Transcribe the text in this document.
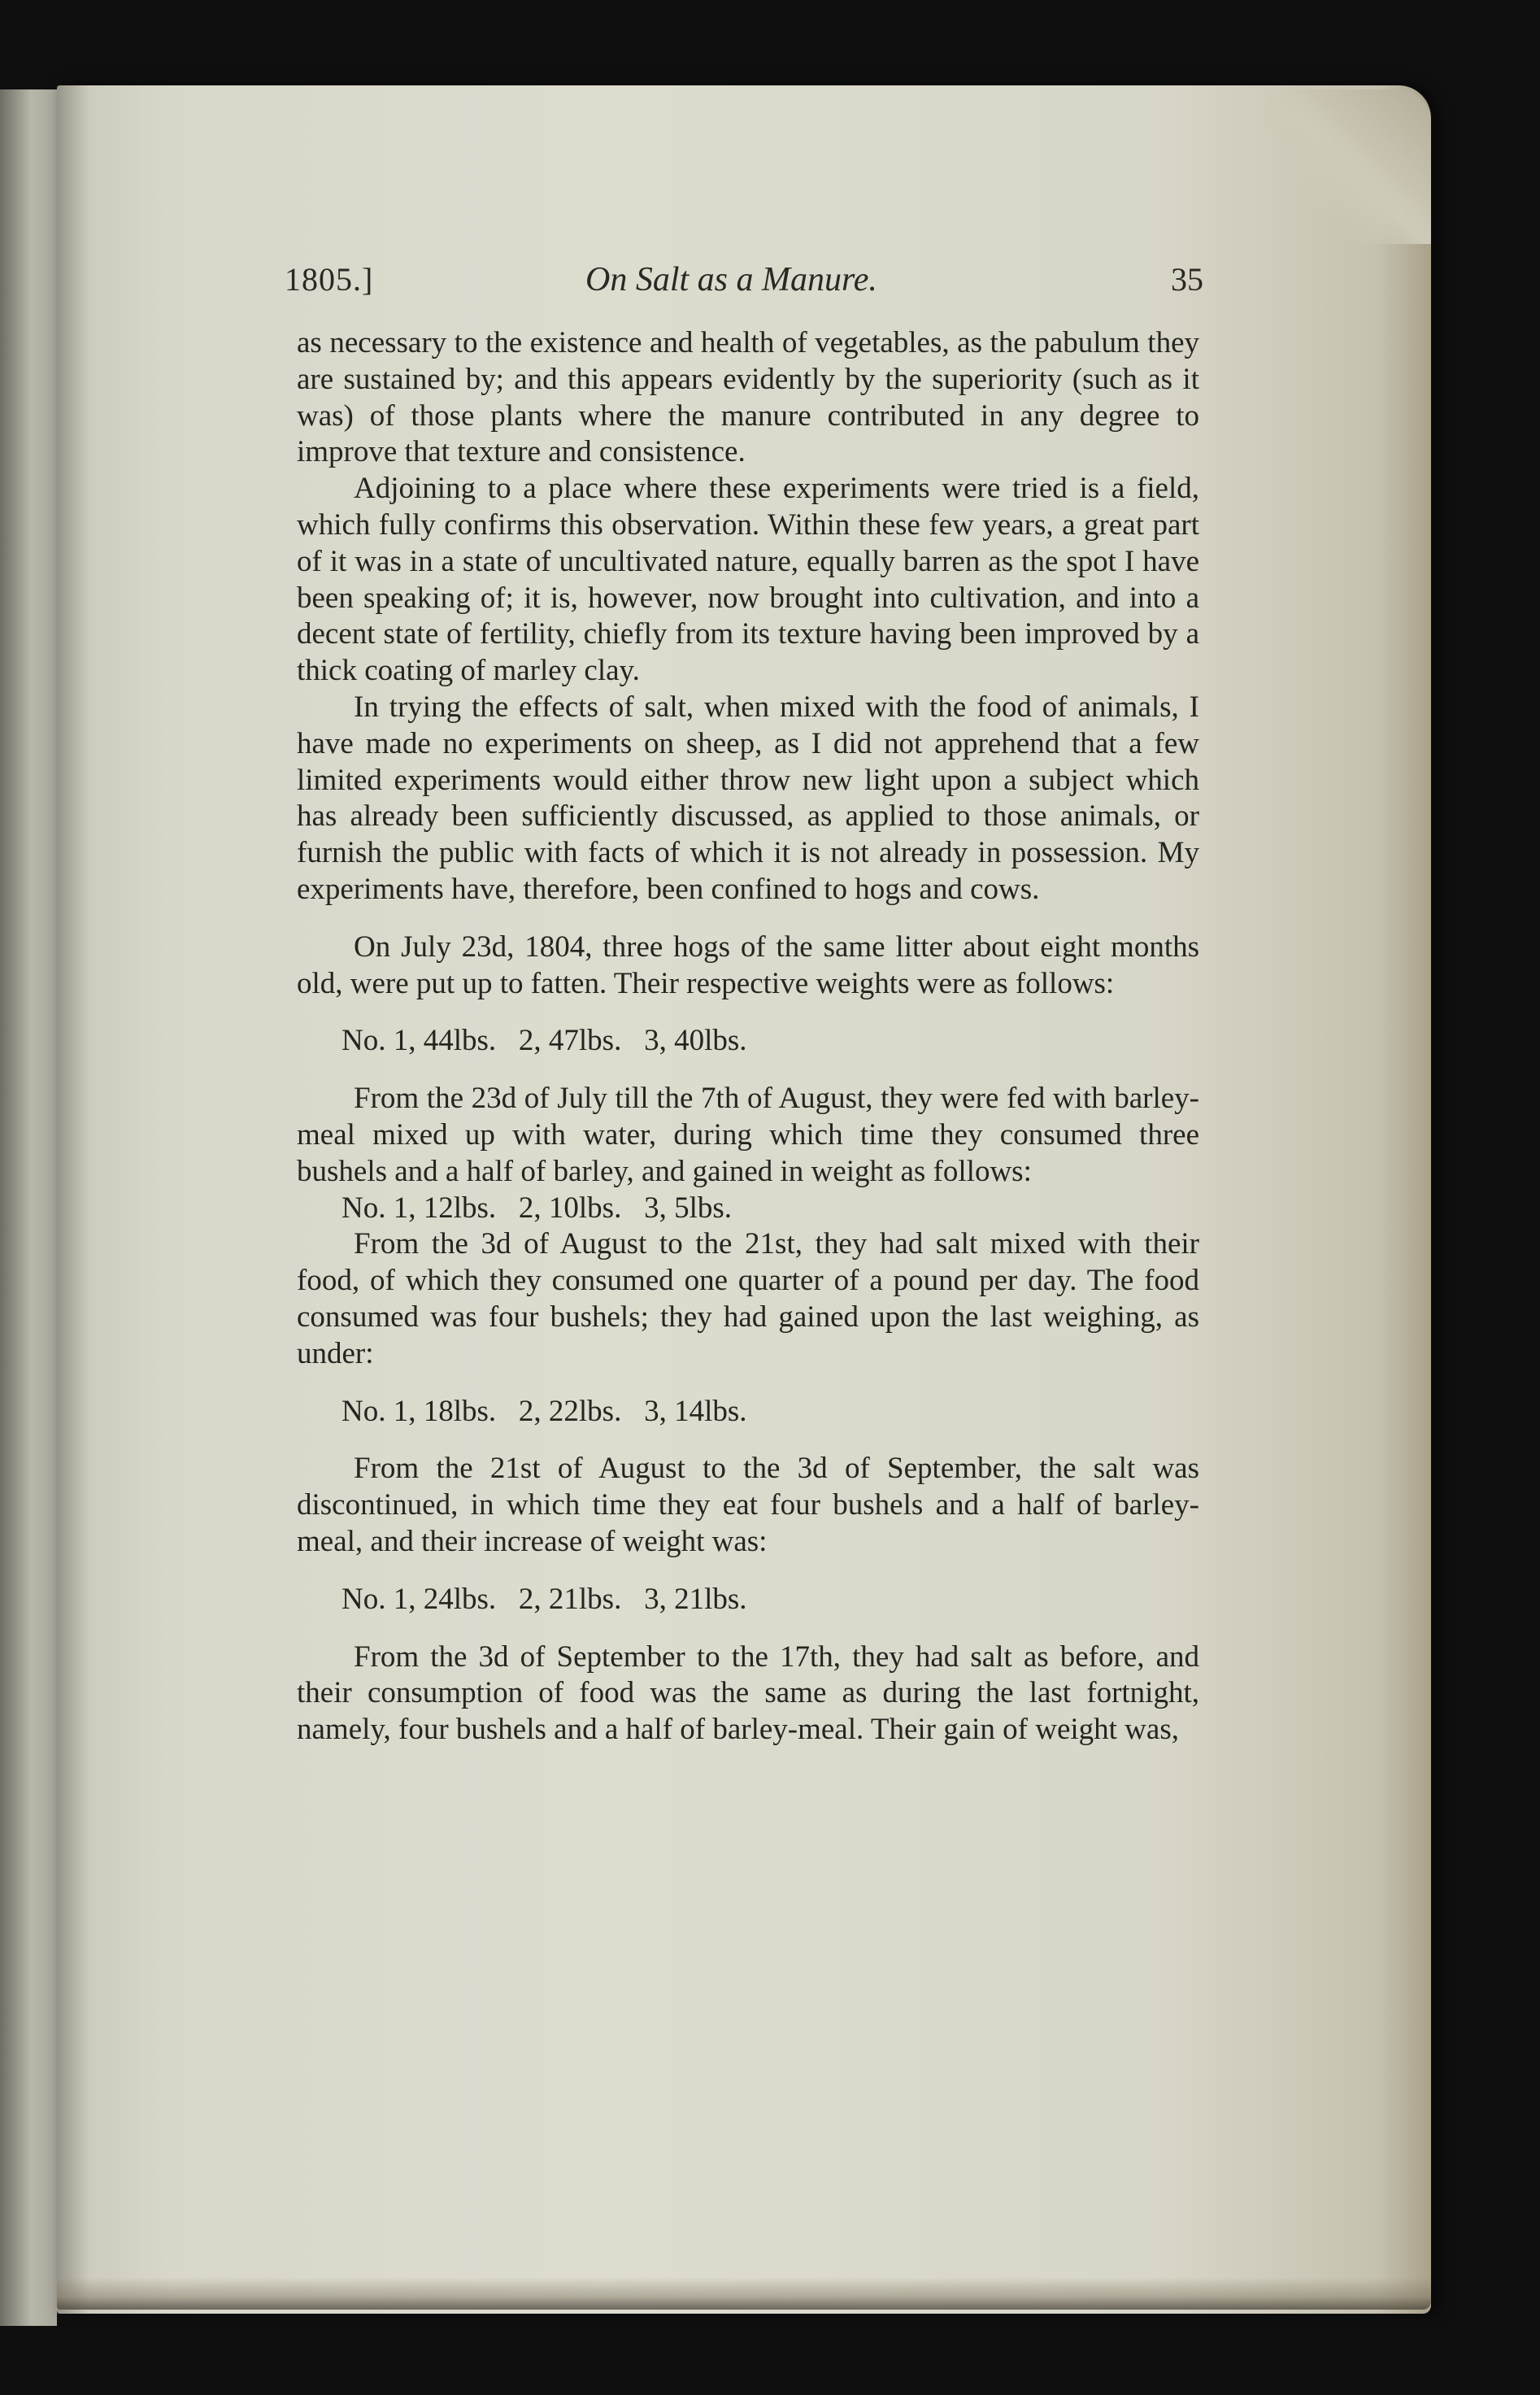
1805.]	On Salt as a Manure.	35

as necessary to the existence and health of vegetables, as the pabulum they are sustained by; and this appears evidently by the superiority (such as it was) of those plants where the manure contributed in any degree to improve that texture and consistence.

Adjoining to a place where these experiments were tried is a field, which fully confirms this observation. Within these few years, a great part of it was in a state of uncultivated nature, equally barren as the spot I have been speaking of; it is, however, now brought into cultivation, and into a decent state of fertility, chiefly from its texture having been improved by a thick coating of marley clay.

In trying the effects of salt, when mixed with the food of animals, I have made no experiments on sheep, as I did not apprehend that a few limited experiments would either throw new light upon a subject which has already been sufficiently discussed, as applied to those animals, or furnish the public with facts of which it is not already in possession. My experiments have, therefore, been confined to hogs and cows.

On July 23d, 1804, three hogs of the same litter about eight months old, were put up to fatten. Their respective weights were as follows:

No. 1, 44lbs.   2, 47lbs.   3, 40lbs.

From the 23d of July till the 7th of August, they were fed with barley-meal mixed up with water, during which time they consumed three bushels and a half of barley, and gained in weight as follows:

No. 1, 12lbs.   2, 10lbs.   3, 5lbs.

From the 3d of August to the 21st, they had salt mixed with their food, of which they consumed one quarter of a pound per day. The food consumed was four bushels; they had gained upon the last weighing, as under:

No. 1, 18lbs.   2, 22lbs.   3, 14lbs.

From the 21st of August to the 3d of September, the salt was discontinued, in which time they eat four bushels and a half of barley-meal, and their increase of weight was:

No. 1, 24lbs.   2, 21lbs.   3, 21lbs.

From the 3d of September to the 17th, they had salt as before, and their consumption of food was the same as during the last fortnight, namely, four bushels and a half of barley-meal. Their gain of weight was,
